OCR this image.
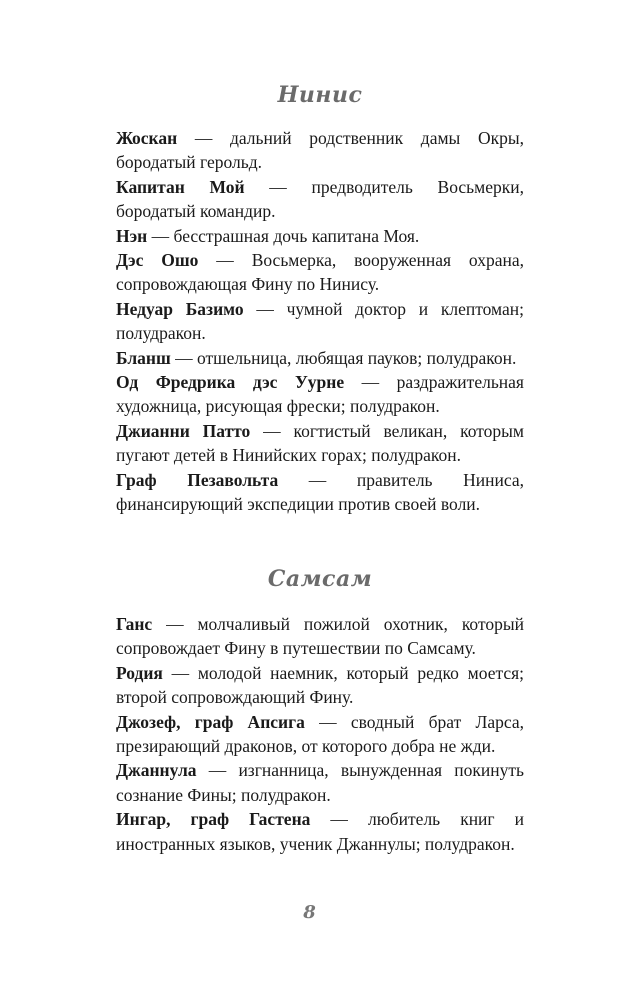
Нинис

Жоскан — дальний родственник дамы Окры, бородатый герольд.

Капитан Мой — предводитель Восьмерки, бородатый командир.

Нэн — бесстрашная дочь капитана Моя.

Дэс Ошо — Восьмерка, вооруженная охрана, сопровождающая Фину по Нинису.

Недуар Базимо — чумной доктор и клептоман; полудракон.

Бланш — отшельница, любящая пауков; полудракон.

Од Фредрика дэс Уурне — раздражительная художница, рисующая фрески; полудракон.

Джианни Патто — когтистый великан, которым пугают детей в Нинийских горах; полудракон.

Граф Пезавольта — правитель Ниниса, финансирующий экспедиции против своей воли.

Самсам

Ганс — молчаливый пожилой охотник, который сопровождает Фину в путешествии по Самсаму.

Родия — молодой наемник, который редко моется; второй сопровождающий Фину.

Джозеф, граф Апсига — сводный брат Ларса, презирающий драконов, от которого добра не жди.

Джаннула — изгнанница, вынужденная покинуть сознание Фины; полудракон.

Ингар, граф Гастена — любитель книг и иностранных языков, ученик Джаннулы; полудракон.

8
